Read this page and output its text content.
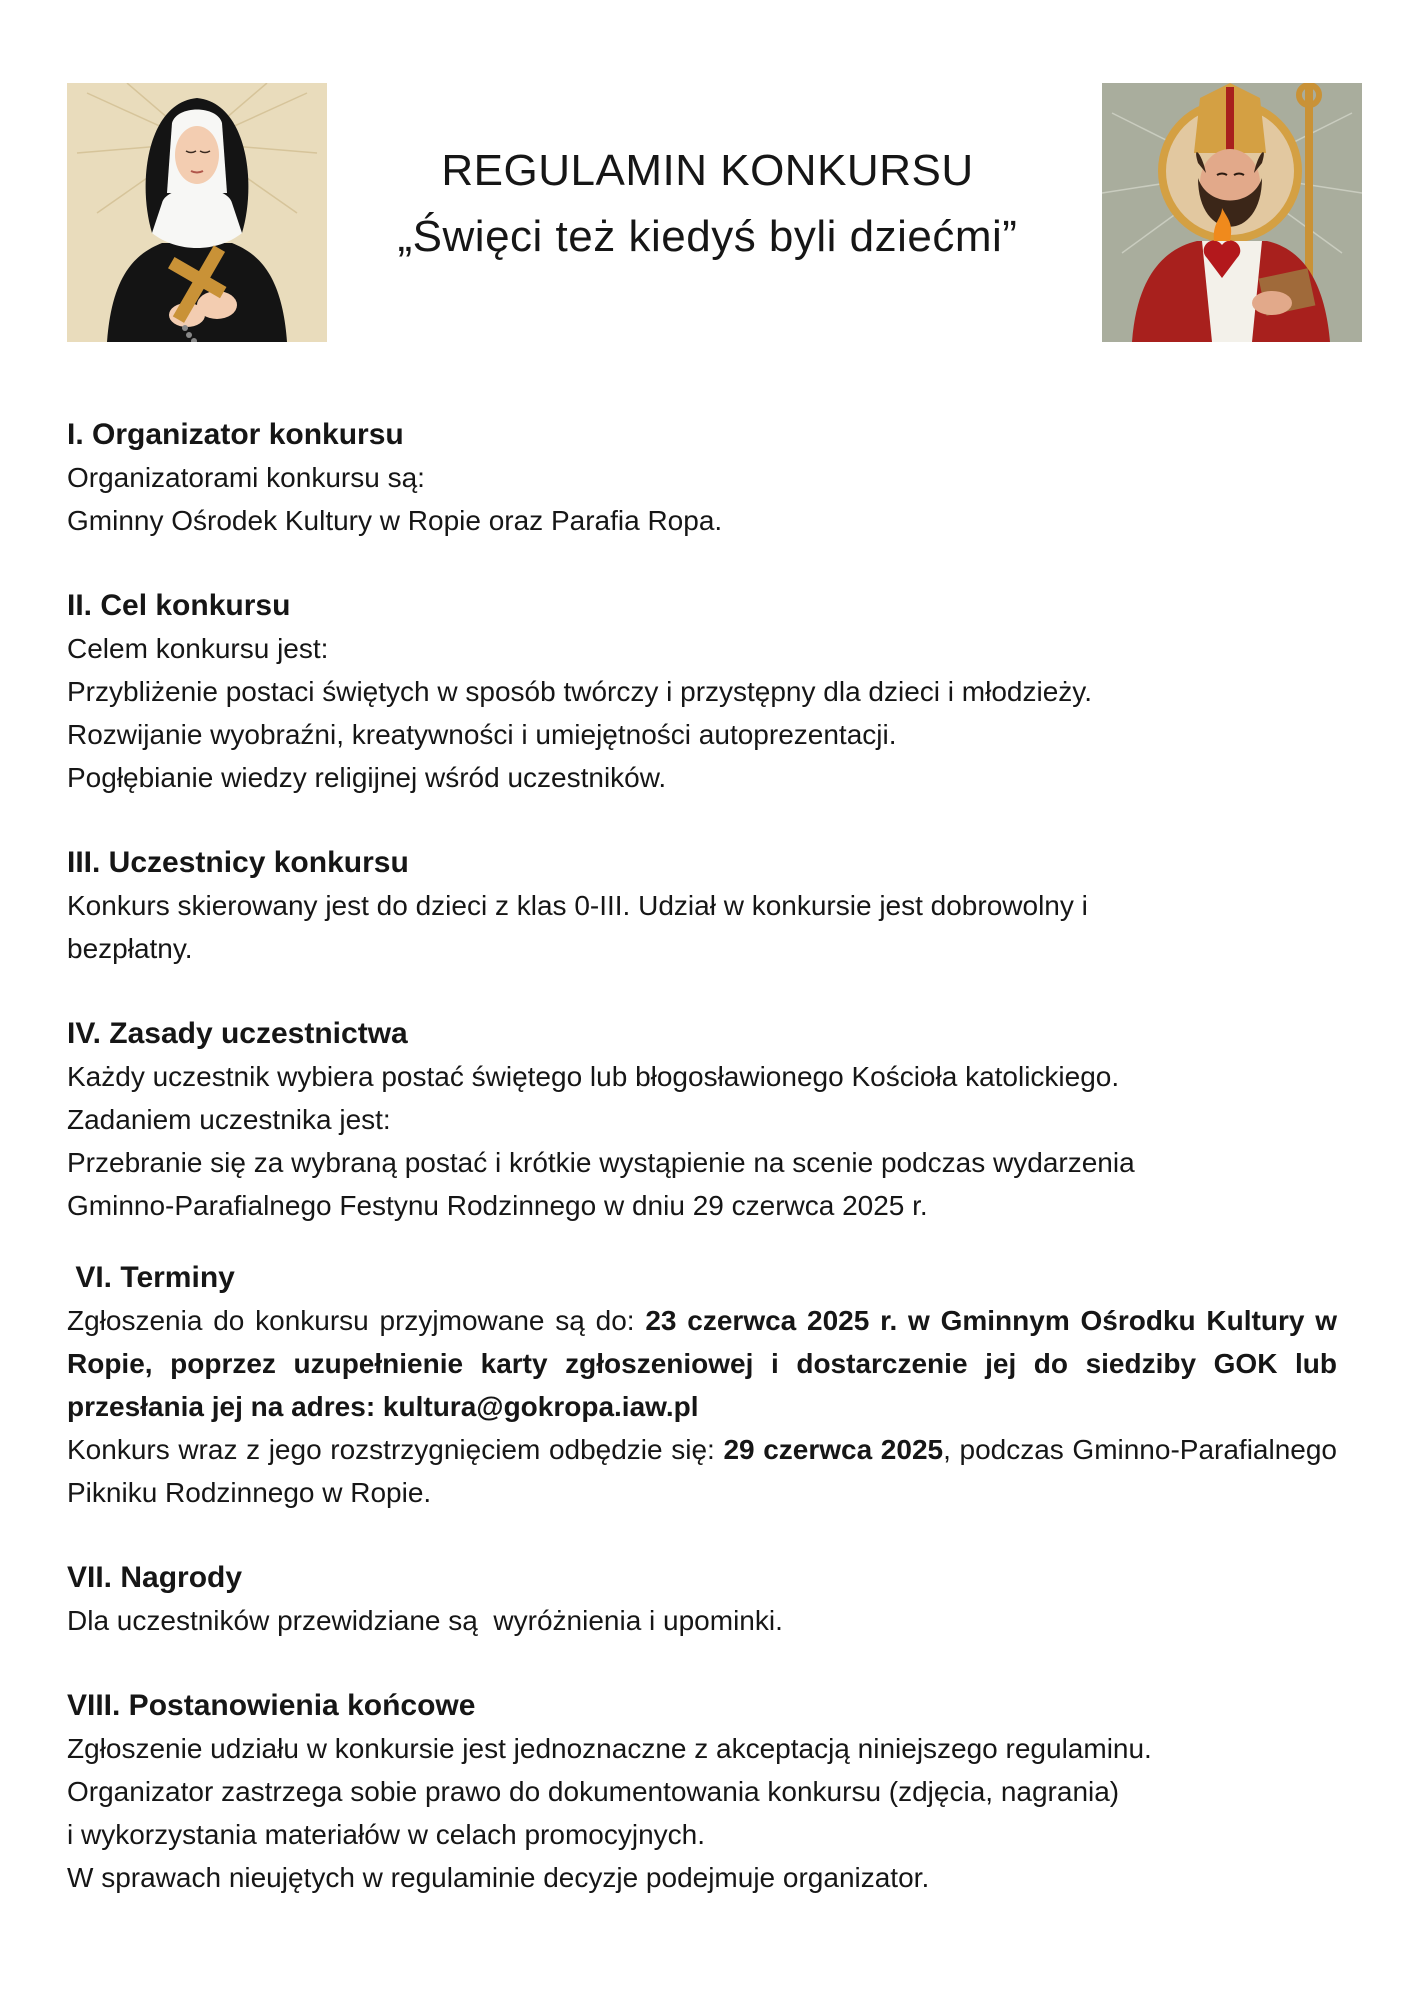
REGULAMIN KONKURSU
„Święci też kiedyś byli dziećmi”

I. Organizator konkursu

Organizatorami konkursu są:

Gminny Ośrodek Kultury w Ropie oraz Parafia Ropa.

II. Cel konkursu

Celem konkursu jest:

Przybliżenie postaci świętych w sposób twórczy i przystępny dla dzieci i młodzieży.

Rozwijanie wyobraźni, kreatywności i umiejętności autoprezentacji.

Pogłębianie wiedzy religijnej wśród uczestników.

III. Uczestnicy konkursu

Konkurs skierowany jest do dzieci z klas 0-III. Udział w konkursie jest dobrowolny i

bezpłatny.

IV. Zasady uczestnictwa

Każdy uczestnik wybiera postać świętego lub błogosławionego Kościoła katolickiego.

Zadaniem uczestnika jest:

Przebranie się za wybraną postać i krótkie wystąpienie na scenie podczas wydarzenia

Gminno-Parafialnego Festynu Rodzinnego w dniu 29 czerwca 2025 r.

VI. Terminy

Zgłoszenia do konkursu przyjmowane są do: 23 czerwca 2025 r. w Gminnym Ośrodku Kultury w Ropie, poprzez uzupełnienie karty zgłoszeniowej i dostarczenie jej do siedziby GOK lub przesłania jej na adres: kultura@gokropa.iaw.pl

Konkurs wraz z jego rozstrzygnięciem odbędzie się: 29 czerwca 2025, podczas Gminno-Parafialnego Pikniku Rodzinnego w Ropie.

VII. Nagrody

Dla uczestników przewidziane są  wyróżnienia i upominki.

VIII. Postanowienia końcowe

Zgłoszenie udziału w konkursie jest jednoznaczne z akceptacją niniejszego regulaminu.

Organizator zastrzega sobie prawo do dokumentowania konkursu (zdjęcia, nagrania)

i wykorzystania materiałów w celach promocyjnych.

W sprawach nieujętych w regulaminie decyzje podejmuje organizator.
